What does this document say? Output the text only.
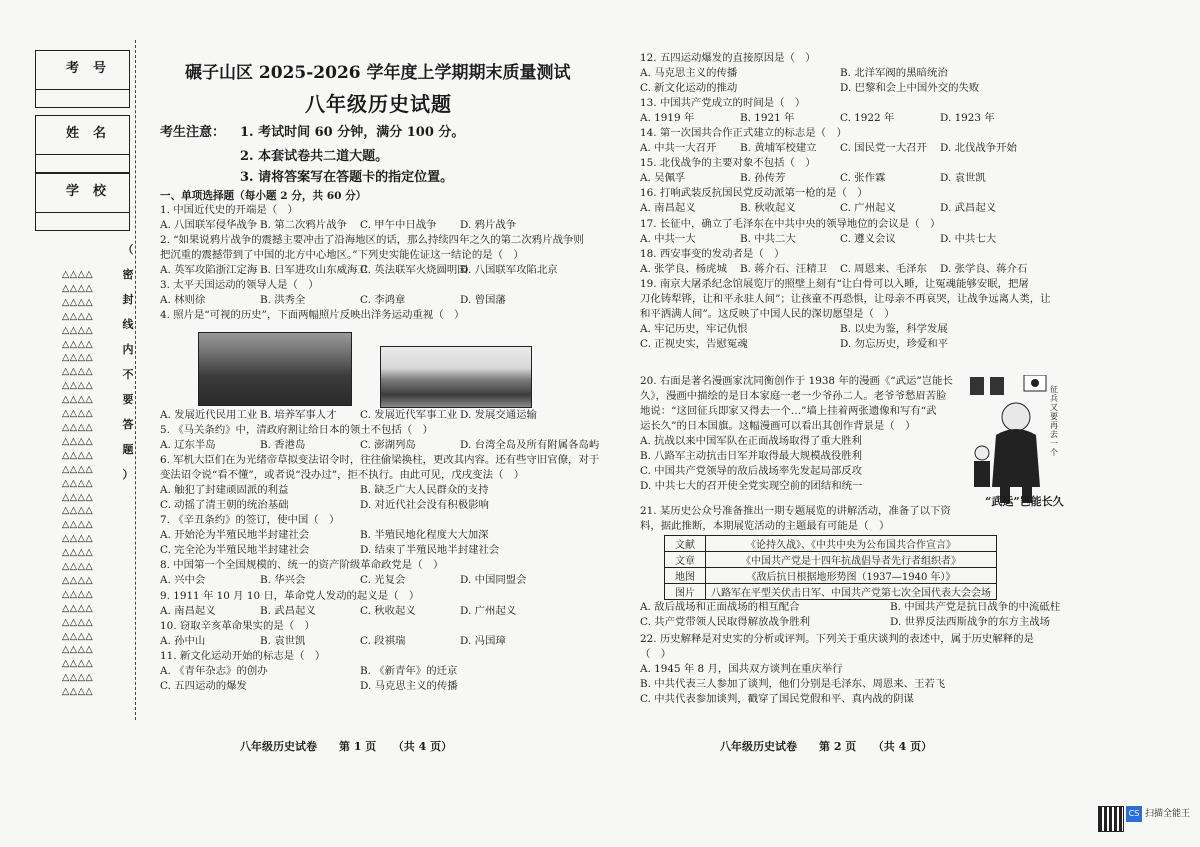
考号
姓名
学校
（
密
封
线
内
不
要
答
题
）
△△△△
△△△△
△△△△
△△△△
△△△△
△△△△
△△△△
△△△△
△△△△
△△△△
△△△△
△△△△
△△△△
△△△△
△△△△
△△△△
△△△△
△△△△
△△△△
△△△△
△△△△
△△△△
△△△△
△△△△
△△△△
△△△△
△△△△
△△△△
△△△△
△△△△
△△△△
碾子山区 2025-2026 学年度上学期期末质量测试
八年级历史试题
考生注意： 1. 考试时间 60 分钟，满分 100 分。
2. 本套试卷共二道大题。
3. 请将答案写在答题卡的指定位置。
一、单项选择题（每小题 2 分，共 60 分）
1. 中国近代史的开端是（　）
A. 八国联军侵华战争 B. 第二次鸦片战争	C. 甲午中日战争	D. 鸦片战争
2. “如果说鸦片战争的震撼主要冲击了沿海地区的话，那么持续四年之久的第二次鸦片战争则
把沉重的震撼带到了中国的北方中心地区。”下列史实能佐证这一结论的是（　）
A. 英军攻陷浙江定海 B. 日军进攻山东威海卫
C. 英法联军火烧圆明园
D. 八国联军攻陷北京
3. 太平天国运动的领导人是（　）
A. 林则徐	B. 洪秀全	C. 李鸿章	D. 曾国藩
4. 照片是“可视的历史”，下面两幅照片反映出洋务运动重视（　）
A. 发展近代民用工业 B. 培养军事人才	C. 发展近代军事工业 D. 发展交通运输
5. 《马关条约》中，清政府割让给日本的领土不包括（　）
A. 辽东半岛	B. 香港岛	C. 澎湖列岛	D. 台湾全岛及所有附属各岛屿
6. 军机大臣们在为光绪帝草拟变法诏令时，往往偷梁换柱，更改其内容。还有些守旧官僚，对于
变法诏令说“看不懂”，或者说“没办过”，拒不执行。由此可见，戊戌变法（　）
A. 触犯了封建顽固派的利益	B. 缺乏广大人民群众的支持
C. 动摇了清王朝的统治基础	D. 对近代社会没有积极影响
7. 《辛丑条约》的签订，使中国（　）
A. 开始沦为半殖民地半封建社会	B. 半殖民地化程度大大加深
C. 完全沦为半殖民地半封建社会	D. 结束了半殖民地半封建社会
8. 中国第一个全国规模的、统一的资产阶级革命政党是（　）
A. 兴中会	B. 华兴会	C. 光复会	D. 中国同盟会
9. 1911 年 10 月 10 日，革命党人发动的起义是（　）
A. 南昌起义	B. 武昌起义	C. 秋收起义	D. 广州起义
10. 窃取辛亥革命果实的是（　）
A. 孙中山	B. 袁世凯	C. 段祺瑞	D. 冯国璋
11. 新文化运动开始的标志是（　）
A. 《青年杂志》的创办	B. 《新青年》的迁京
C. 五四运动的爆发	D. 马克思主义的传播
12. 五四运动爆发的直接原因是（　）
A. 马克思主义的传播	B. 北洋军阀的黑暗统治
C. 新文化运动的推动	D. 巴黎和会上中国外交的失败
13. 中国共产党成立的时间是（　）
A. 1919 年	B. 1921 年	C. 1922 年	D. 1923 年
14. 第一次国共合作正式建立的标志是（　）
A. 中共一大召开	B. 黄埔军校建立	C. 国民党一大召开	D. 北伐战争开始
15. 北伐战争的主要对象不包括（　）
A. 吴佩孚	B. 孙传芳	C. 张作霖	D. 袁世凯
16. 打响武装反抗国民党反动派第一枪的是（　）
A. 南昌起义	B. 秋收起义	C. 广州起义	D. 武昌起义
17. 长征中，确立了毛泽东在中共中央的领导地位的会议是（　）
A. 中共一大	B. 中共二大	C. 遵义会议	D. 中共七大
18. 西安事变的发动者是（　）
A. 张学良、杨虎城	B. 蒋介石、汪精卫	C. 周恩来、毛泽东	D. 张学良、蒋介石
19. 南京大屠杀纪念馆展览厅的照壁上刻有“让白骨可以入睡，让冤魂能够安眠，把屠
刀化铸犁铧，让和平永驻人间”；让孩童不再恐惧，让母亲不再哀哭，让战争远离人类，让
和平洒满人间”。这反映了中国人民的深切愿望是（　）
A. 牢记历史，牢记仇恨	B. 以史为鉴，科学发展
C. 正视史实，告慰冤魂	D. 勿忘历史，珍爱和平
20. 右面是著名漫画家沈同衡创作于 1938 年的漫画《“武运”岂能长
久》，漫画中描绘的是日本家庭一老一少爷孙二人。老爷爷愁眉苦脸
地说：“这回征兵即家又得去一个…”墙上挂着两张遗像和写有“武
运长久”的日本国旗。这幅漫画可以看出其创作背景是（　）
A. 抗战以来中国军队在正面战场取得了重大胜利
B. 八路军主动抗击日军并取得最大规模战役胜利
C. 中国共产党领导的敌后战场率先发起局部反攻
D. 中共七大的召开使全党实现空前的团结和统一
征兵又要再去一个
“武运”岂能长久
21. 某历史公众号准备推出一期专题展览的讲解活动，准备了以下资
料，据此推断，本期展览活动的主题最有可能是（　）
文献	《论持久战》、《中共中央为公布国共合作宣言》
文章	《中国共产党是十四年抗战倡导者先行者组织者》
地图	《敌后抗日根据地形势图（1937—1940 年）》
图片	八路军在平型关伏击日军、中国共产党第七次全国代表大会会场
A. 敌后战场和正面战场的相互配合	B. 中国共产党是抗日战争的中流砥柱
C. 共产党带领人民取得解放战争胜利	D. 世界反法西斯战争的东方主战场
22. 历史解释是对史实的分析或评判。下列关于重庆谈判的表述中，属于历史解释的是
（　）
A. 1945 年 8 月，国共双方谈判在重庆举行
B. 中共代表三人参加了谈判，他们分别是毛泽东、周恩来、王若飞
C. 中共代表参加谈判，戳穿了国民党假和平、真内战的阴谋
八年级历史试卷　　第 1 页　　（共 4 页）	八年级历史试卷　　第 2 页　　（共 4 页）
CS 扫描全能王
